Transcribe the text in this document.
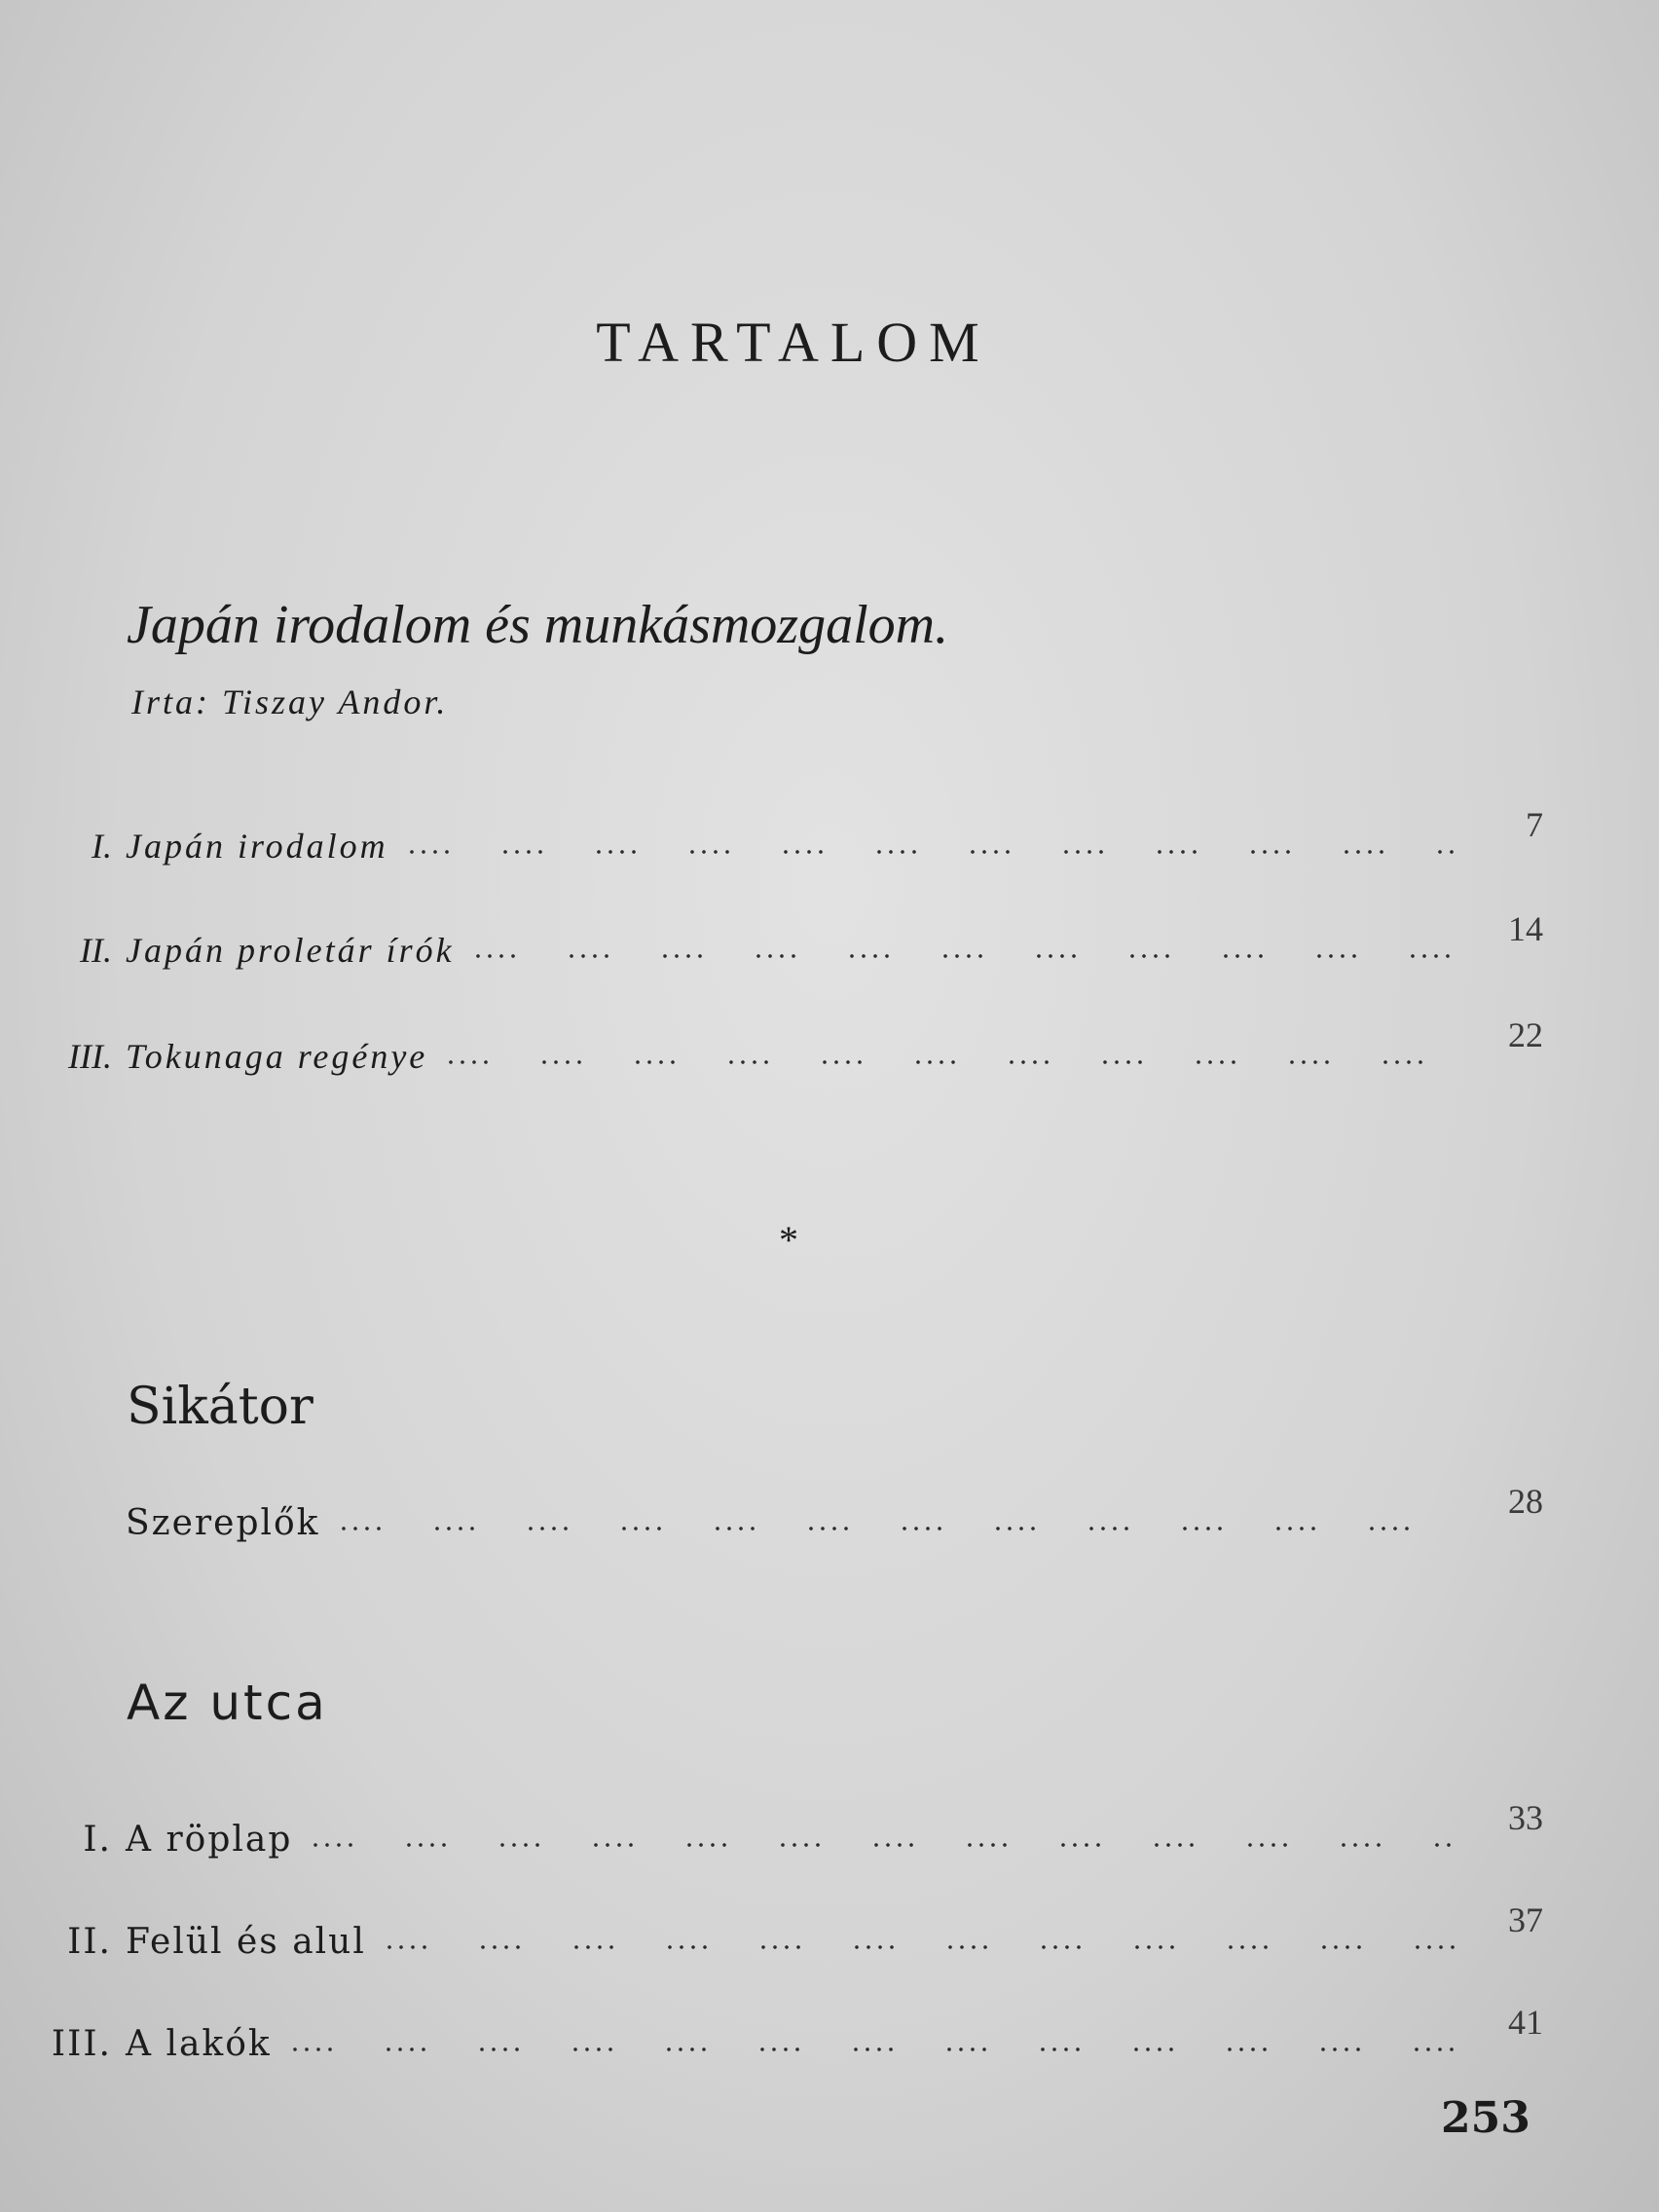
TARTALOM
Japán irodalom és munkásmozgalom.
Irta: Tiszay Andor.
I. Japán irodalom
7
II. Japán proletár írók
14
III. Tokunaga regénye
22
*
Sikátor
Szereplők
28
Az utca
I. A röplap
33
II. Felül és alul
37
III. A lakók
41
253
